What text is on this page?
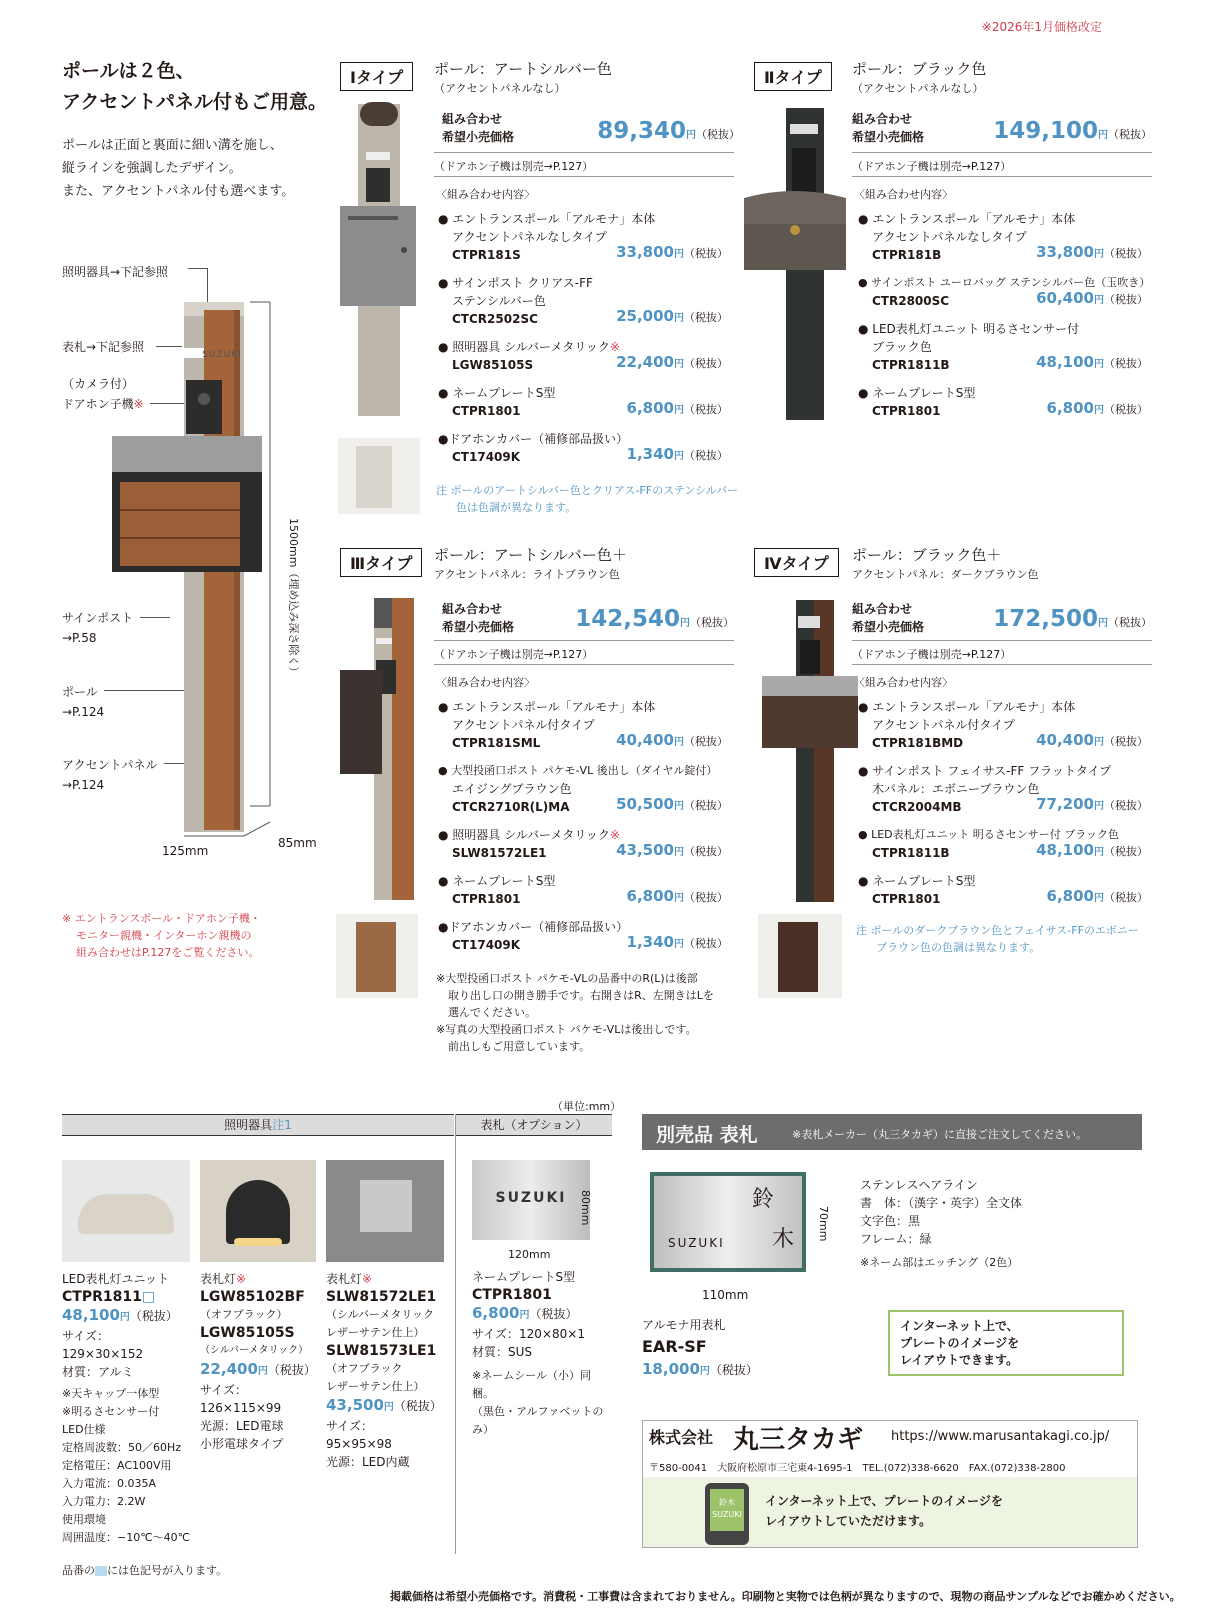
※2026年1月価格改定
ポールは２色、
アクセントパネル付もご用意。
ポールは正面と裏面に細い溝を施し、
縦ラインを強調したデザイン。
また、アクセントパネル付も選べます。
照明器具→下記参照
表札→下記参照
（カメラ付）
ドアホン子機※
サインポスト
→P.58
ポール
→P.124
アクセントパネル
→P.124
SUZUKI
1500mm（埋め込み深さ除く）
125mm
85mm
※ エントランスポール・ドアホン子機・
モニター親機・インターホン親機の
組み合わせはP.127をご覧ください。
Ⅰタイプ	ポール：アートシルバー色
（アクセントパネルなし）
組み合わせ
希望小売価格	89,340円（税抜）
（ドアホン子機は別売→P.127）
〈組み合わせ内容〉
● エントランスポール「アルモナ」本体
アクセントパネルなしタイプ
CTPR181S	33,800円（税抜）
● サインポスト クリアス-FF
ステンシルバー色
CTCR2502SC	25,000円（税抜）
● 照明器具 シルバーメタリック※
LGW85105S	22,400円（税抜）
● ネームプレートS型
CTPR1801	6,800円（税抜）
●ドアホンカバー（補修部品扱い）
CT17409K	1,340円（税抜）
注 ポールのアートシルバー色とクリアス-FFのステンシルバー
色は色調が異なります。
Ⅱタイプ	ポール：ブラック色
（アクセントパネルなし）
組み合わせ
希望小売価格	149,100円（税抜）
（ドアホン子機は別売→P.127）
〈組み合わせ内容〉
● エントランスポール「アルモナ」本体
アクセントパネルなしタイプ
CTPR181B	33,800円（税抜）
● サインポスト ユーロバッグ ステンシルバー色（玉吹き）
CTR2800SC	60,400円（税抜）
● LED表札灯ユニット 明るさセンサー付
ブラック色
CTPR1811B	48,100円（税抜）
● ネームプレートS型
CTPR1801	6,800円（税抜）
Ⅲタイプ	ポール：アートシルバー色＋
アクセントパネル：ライトブラウン色
組み合わせ
希望小売価格	142,540円（税抜）
（ドアホン子機は別売→P.127）
〈組み合わせ内容〉
● エントランスポール「アルモナ」本体
アクセントパネル付タイプ
CTPR181SML	40,400円（税抜）
● 大型投函口ポスト パケモ-VL 後出し（ダイヤル錠付）
エイジングブラウン色
CTCR2710R(L)MA	50,500円（税抜）
● 照明器具 シルバーメタリック※
SLW81572LE1	43,500円（税抜）
● ネームプレートS型
CTPR1801	6,800円（税抜）
●ドアホンカバー（補修部品扱い）
CT17409K	1,340円（税抜）
※大型投函口ポスト パケモ-VLの品番中のR(L)は後部
取り出し口の開き勝手です。右開きはR、左開きはLを
選んでください。
※写真の大型投函口ポスト パケモ-VLは後出しです。
前出しもご用意しています。
Ⅳタイプ	ポール：ブラック色＋
アクセントパネル：ダークブラウン色
組み合わせ
希望小売価格	172,500円（税抜）
（ドアホン子機は別売→P.127）
〈組み合わせ内容〉
● エントランスポール「アルモナ」本体
アクセントパネル付タイプ
CTPR181BMD	40,400円（税抜）
● サインポスト フェイサス-FF フラットタイプ
木パネル：エボニーブラウン色
CTCR2004MB	77,200円（税抜）
● LED表札灯ユニット 明るさセンサー付 ブラック色
CTPR1811B	48,100円（税抜）
● ネームプレートS型
CTPR1801	6,800円（税抜）
注 ポールのダークブラウン色とフェイサス-FFのエボニー
ブラウン色の色調は異なります。
（単位:mm）
照明器具注1	表札（オプション）
LED表札灯ユニット
CTPR1811□
48,100円（税抜）
サイズ：
129×30×152
材質：アルミ
※天キャップ一体型
※明るさセンサー付
LED仕様
定格周波数：50／60Hz
定格電圧：AC100V用
入力電流：0.035A
入力電力：2.2W
使用環境
周囲温度：−10℃〜40℃
表札灯※
LGW85102BF
（オフブラック）
LGW85105S
（シルバーメタリック）
22,400円（税抜）
サイズ：
126×115×99
光源：LED電球
小形電球タイプ
表札灯※
SLW81572LE1
（シルバーメタリック
レザーサテン仕上）
SLW81573LE1
（オフブラック
レザーサテン仕上）
43,500円（税抜）
サイズ：
95×95×98
光源：LED内蔵
SUZUKI	80mm
120mm
ネームプレートS型
CTPR1801
6,800円（税抜）
サイズ：120×80×1
材質：SUS
※ネームシール（小）同梱。
（黒色・アルファベットのみ）
品番の には色記号が入ります。
別売品 表札	※表札メーカー（丸三タカギ）に直接ご注文してください。
鈴
木
SUZUKI
70mm
110mm
ステンレスヘアライン
書　体：（漢字・英字）全文体
文字色：黒
フレーム：緑
※ネーム部はエッチング（2色）
アルモナ用表札
EAR-SF
18,000円（税抜）
インターネット上で、
プレートのイメージを
レイアウトできます。
株式会社 丸三タカギ https://www.marusantakagi.co.jp/
〒580-0041　大阪府松原市三宅東4-1695-1　TEL.(072)338-6620　FAX.(072)338-2800
鈴木
SUZUKI
インターネット上で、プレートのイメージを
レイアウトしていただけます。
掲載価格は希望小売価格です。消費税・工事費は含まれておりません。印刷物と実物では色柄が異なりますので、現物の商品サンプルなどでお確かめください。
